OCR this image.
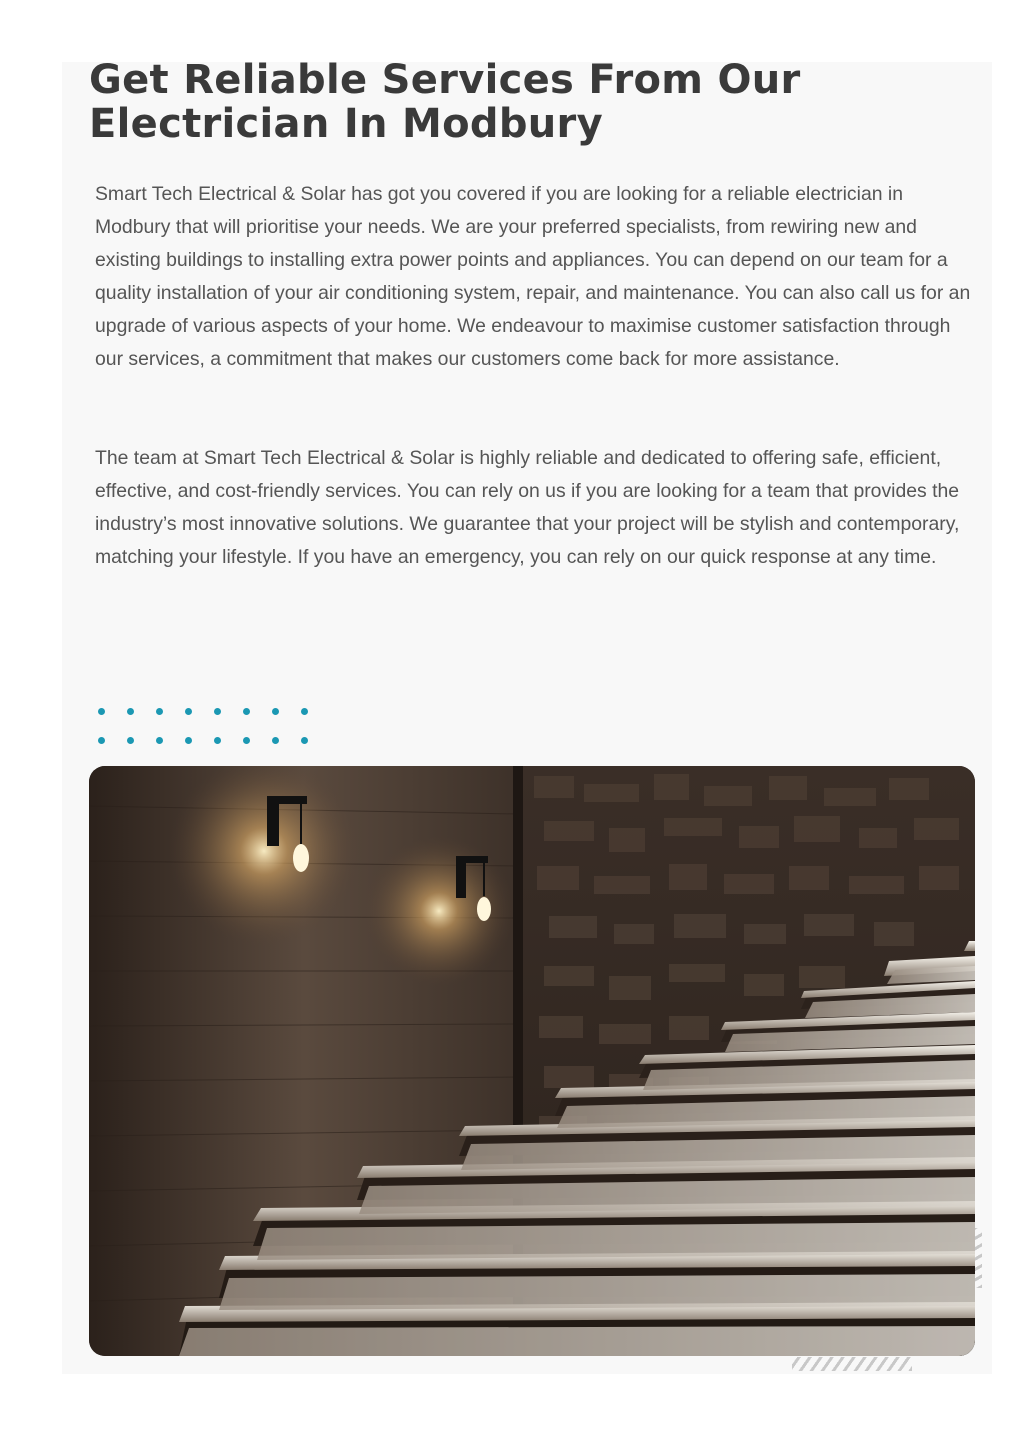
Get Reliable Services From Our Electrician In Modbury

Smart Tech Electrical & Solar has got you covered if you are looking for a reliable electrician in Modbury that will prioritise your needs. We are your preferred specialists, from rewiring new and existing buildings to installing extra power points and appliances. You can depend on our team for a quality installation of your air conditioning system, repair, and maintenance. You can also call us for an upgrade of various aspects of your home. We endeavour to maximise customer satisfaction through our services, a commitment that makes our customers come back for more assistance.

The team at Smart Tech Electrical & Solar is highly reliable and dedicated to offering safe, efficient, effective, and cost-friendly services. You can rely on us if you are looking for a team that provides the industry’s most innovative solutions. We guarantee that your project will be stylish and contemporary, matching your lifestyle. If you have an emergency, you can rely on our quick response at any time.
